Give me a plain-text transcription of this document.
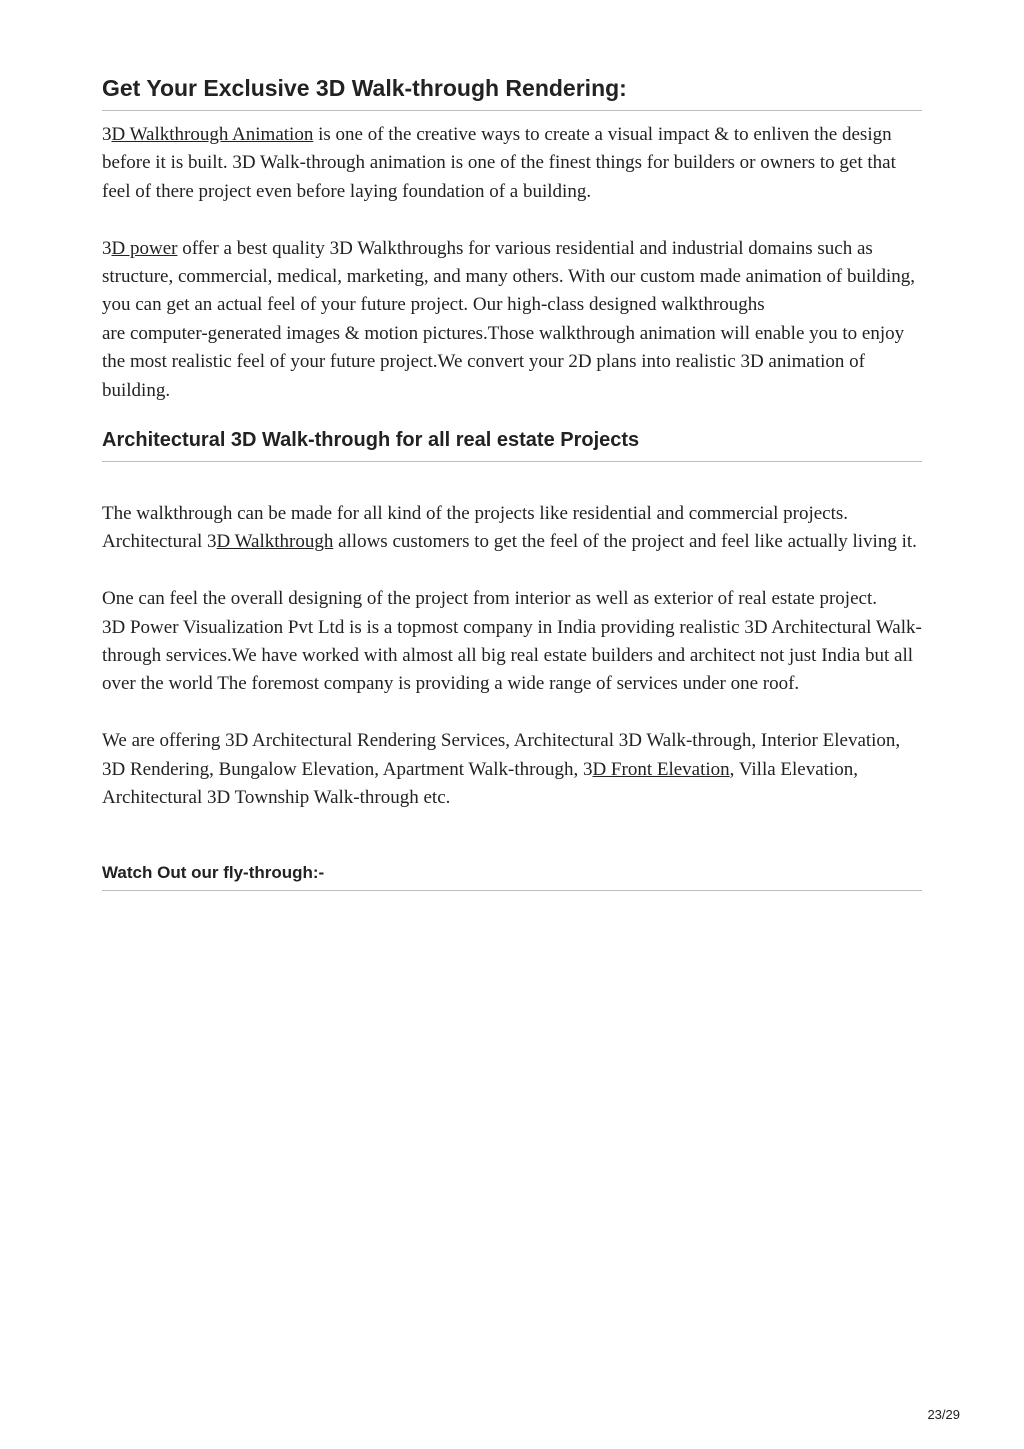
Get Your Exclusive 3D Walk-through Rendering:

3D Walkthrough Animation is one of the creative ways to create a visual impact & to enliven the design before it is built. 3D Walk-through animation is one of the finest things for builders or owners to get that feel of there project even before laying foundation of a building.

3D power offer a best quality 3D Walkthroughs for various residential and industrial domains such as structure, commercial, medical, marketing, and many others. With our custom made animation of building, you can get an actual feel of your future project. Our high-class designed walkthroughs

are computer-generated images & motion pictures.Those walkthrough animation will enable you to enjoy the most realistic feel of your future project.We convert your 2D plans into realistic 3D animation of building.

Architectural 3D Walk-through for all real estate Projects

The walkthrough can be made for all kind of the projects like residential and commercial projects. Architectural 3D Walkthrough allows customers to get the feel of the project and feel like actually living it.

One can feel the overall designing of the project from interior as well as exterior of real estate project.

3D Power Visualization Pvt Ltd is is a topmost company in India providing realistic 3D Architectural Walk-through services.We have worked with almost all big real estate builders and architect not just India but all over the world The foremost company is providing a wide range of services under one roof.

We are offering 3D Architectural Rendering Services, Architectural 3D Walk-through, Interior Elevation, 3D Rendering, Bungalow Elevation, Apartment Walk-through, 3D Front Elevation, Villa Elevation, Architectural 3D Township Walk-through etc.

Watch Out our fly-through:-
23/29
